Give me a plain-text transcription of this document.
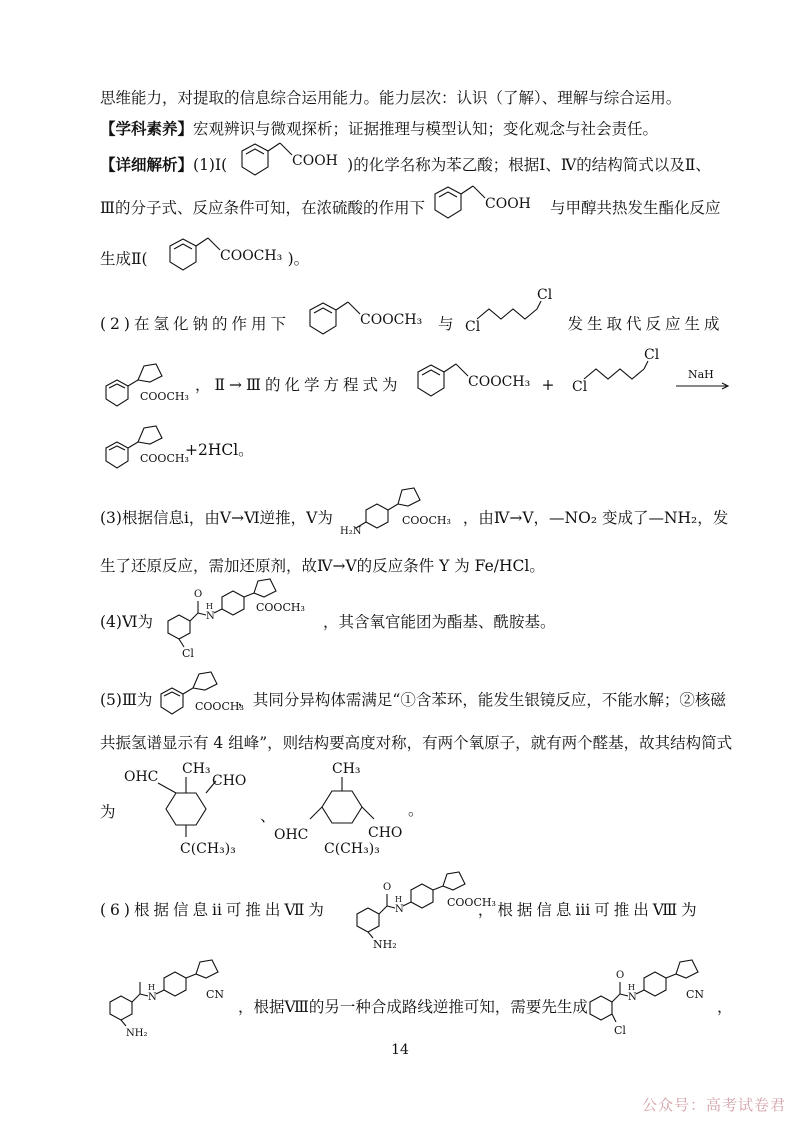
思维能力，对提取的信息综合运用能力。能力层次：认识（了解）、理解与综合运用。
【学科素养】宏观辨识与微观探析；证据推理与模型认知；变化观念与社会责任。
【详细解析】(1)Ⅰ(	)的化学名称为苯乙酸；根据Ⅰ、Ⅳ的结构简式以及Ⅱ、
COOH
Ⅲ的分子式、反应条件可知，在浓硫酸的作用下	与甲醇共热发生酯化反应
COOH
生成Ⅱ(	)。
COOCH₃
(2)在氢化钠的作用下	与	发生取代反应生成
COOCH₃	Cl
Cl
COOCH₃
，Ⅱ→Ⅲ的化学方程式为	+
COOCH₃	Cl
Cl
NaH
COOCH₃
+2HCl。
(3)根据信息ⅰ，由Ⅴ→Ⅵ逆推，Ⅴ为	，由Ⅳ→Ⅴ，—NO₂ 变成了—NH₂，发
H₂N
COOCH₃
生了还原反应，需加还原剂，故Ⅳ→Ⅴ的反应条件 Y 为 Fe/HCl。
(4)Ⅵ为	，其含氧官能团为酯基、酰胺基。
O
N
H	COOCH₃
Cl
(5)Ⅲ为	，其同分异构体需满足“①含苯环，能发生银镜反应，不能水解；②核磁
COOCH₃
共振氢谱显示有 4 组峰”，则结构要高度对称，有两个氧原子，就有两个醛基，故其结构简式
为
OHC CH₃
CHO
C(CH₃)₃
、
CH₃
OHC	CHO
C(CH₃)₃
。
(6)根据信息ⅱ可推出Ⅶ为	，根据信息ⅲ可推出Ⅷ为
O
N
H	COOCH₃
NH₂
N
H
CN
NH₂
，根据Ⅷ的另一种合成路线逆推可知，需要先生成
O
N
H
CN
Cl
，
14
公众号：高考试卷君
